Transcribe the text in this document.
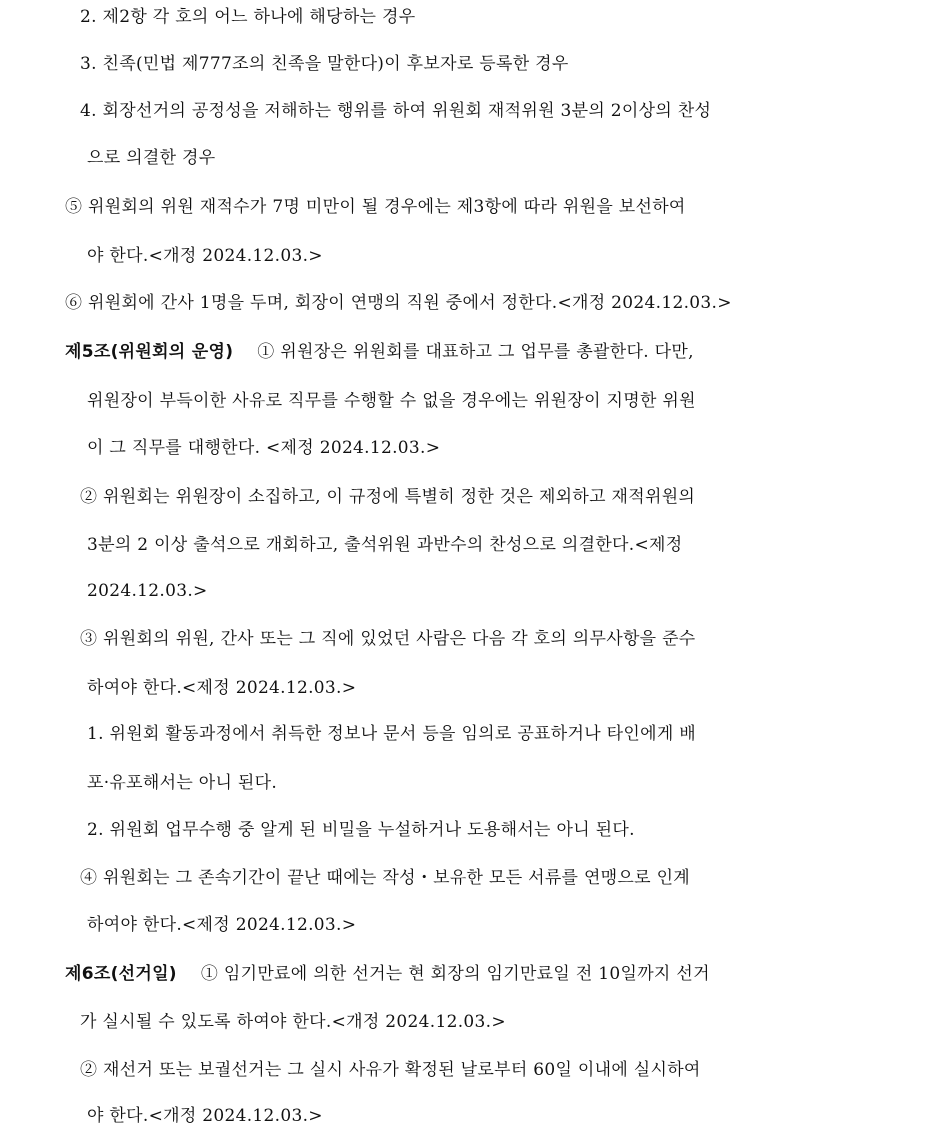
2. 제2항 각 호의 어느 하나에 해당하는 경우
3. 친족(민법 제777조의 친족을 말한다)이 후보자로 등록한 경우
4. 회장선거의 공정성을 저해하는 행위를 하여 위원회 재적위원 3분의 2이상의 찬성
으로 의결한 경우
⑤ 위원회의 위원 재적수가 7명 미만이 될 경우에는 제3항에 따라 위원을 보선하여
야 한다.<개정 2024.12.03.>
⑥ 위원회에 간사 1명을 두며, 회장이 연맹의 직원 중에서 정한다.<개정 2024.12.03.>
제5조(위원회의 운영) ① 위원장은 위원회를 대표하고 그 업무를 총괄한다. 다만,
위원장이 부득이한 사유로 직무를 수행할 수 없을 경우에는 위원장이 지명한 위원
이 그 직무를 대행한다. <제정 2024.12.03.>
② 위원회는 위원장이 소집하고, 이 규정에 특별히 정한 것은 제외하고 재적위원의
3분의 2 이상 출석으로 개회하고, 출석위원 과반수의 찬성으로 의결한다.<제정
2024.12.03.>
③ 위원회의 위원, 간사 또는 그 직에 있었던 사람은 다음 각 호의 의무사항을 준수
하여야 한다.<제정 2024.12.03.>
1. 위원회 활동과정에서 취득한 정보나 문서 등을 임의로 공표하거나 타인에게 배
포·유포해서는 아니 된다.
2. 위원회 업무수행 중 알게 된 비밀을 누설하거나 도용해서는 아니 된다.
④ 위원회는 그 존속기간이 끝난 때에는 작성・보유한 모든 서류를 연맹으로 인계
하여야 한다.<제정 2024.12.03.>
제6조(선거일) ① 임기만료에 의한 선거는 현 회장의 임기만료일 전 10일까지 선거
가 실시될 수 있도록 하여야 한다.<개정 2024.12.03.>
② 재선거 또는 보궐선거는 그 실시 사유가 확정된 날로부터 60일 이내에 실시하여
야 한다.<개정 2024.12.03.>
